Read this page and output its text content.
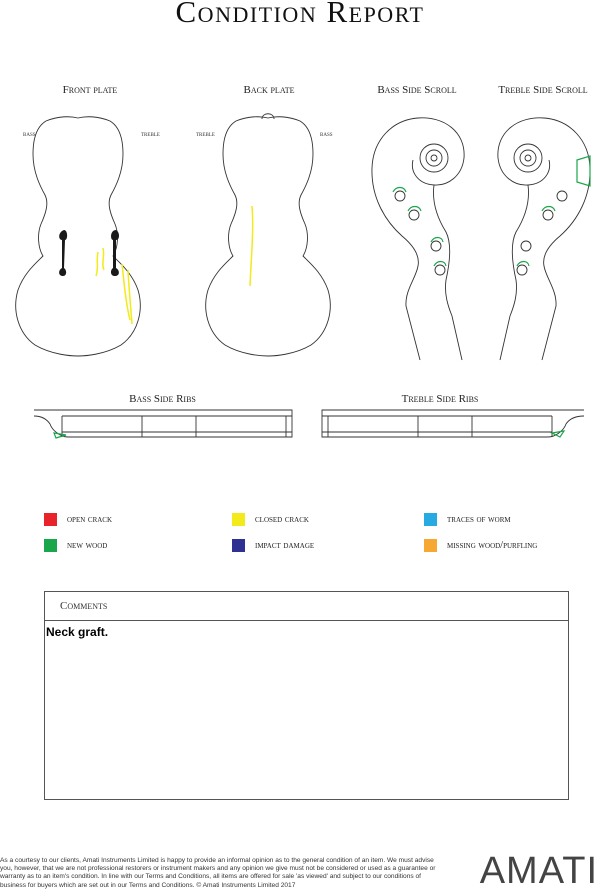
Condition Report
Front plate	Back plate	Bass Side Scroll	Treble Side Scroll
Bass Side Ribs	Treble Side Ribs
bass	treble	treble	bass
open crack	closed crack	traces of worm
new wood	impact damage	missing wood/purfling
Comments
Neck graft.
As a courtesy to our clients, Amati Instruments Limited is happy to provide an informal opinion as to the general condition of an item. We must advise you, however, that we are not professional restorers or instrument makers and any opinion we give must not be considered or used as a guarantee or warranty as to an item's condition. In line with our Terms and Conditions, all items are offered for sale 'as viewed' and subject to our conditions of business for buyers which are set out in our Terms and Conditions. © Amati Instruments Limited 2017	AMATI
